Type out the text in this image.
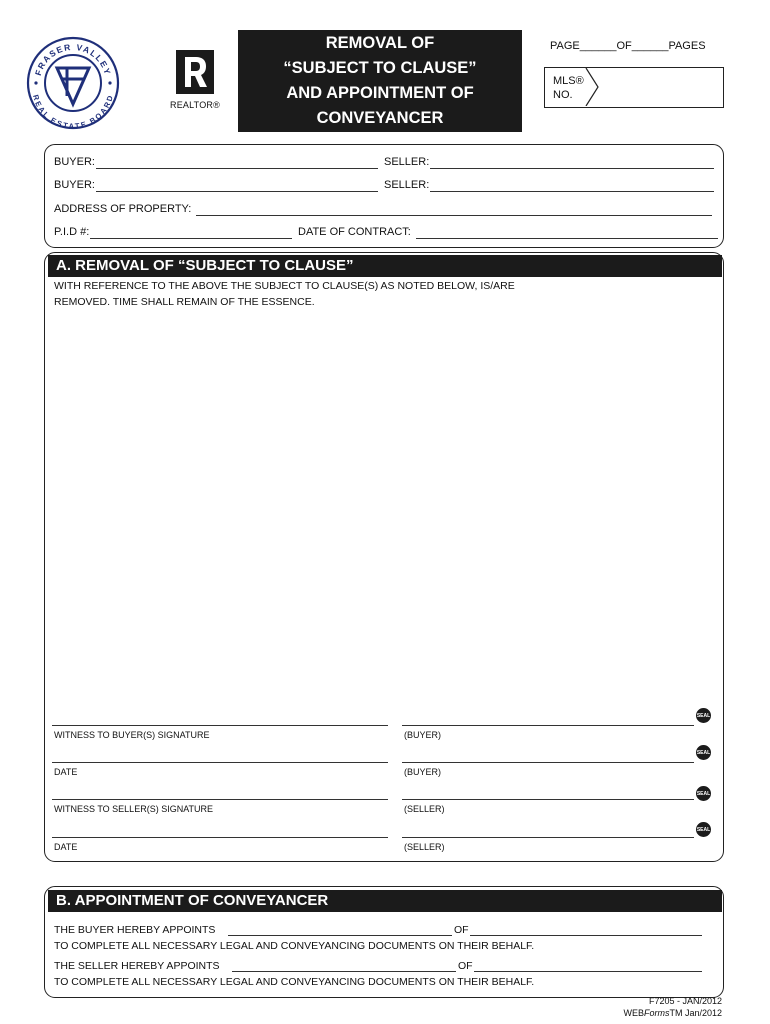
FRASER VALLEY
REAL ESTATE BOARD
REALTOR®
REMOVAL OF
“SUBJECT TO CLAUSE”
AND APPOINTMENT OF
CONVEYANCER
PAGE______OF______PAGES
MLS®
NO.
BUYER:	SELLER:
BUYER:	SELLER:
ADDRESS OF PROPERTY:
P.I.D #:	DATE OF CONTRACT:
A. REMOVAL OF “SUBJECT TO CLAUSE”
WITH REFERENCE TO THE ABOVE THE SUBJECT TO CLAUSE(S) AS NOTED BELOW, IS/ARE
REMOVED. TIME SHALL REMAIN OF THE ESSENCE.
WITNESS TO BUYER(S) SIGNATURE	(BUYER)
SEAL
DATE	(BUYER)
SEAL
WITNESS TO SELLER(S) SIGNATURE	(SELLER)
SEAL
DATE	(SELLER)
SEAL
B. APPOINTMENT OF CONVEYANCER
THE BUYER HEREBY APPOINTS	OF
TO COMPLETE ALL NECESSARY LEGAL AND CONVEYANCING DOCUMENTS ON THEIR BEHALF.
THE SELLER HEREBY APPOINTS	OF
TO COMPLETE ALL NECESSARY LEGAL AND CONVEYANCING DOCUMENTS ON THEIR BEHALF.
F7205 - JAN/2012
WEBFormsTM Jan/2012
